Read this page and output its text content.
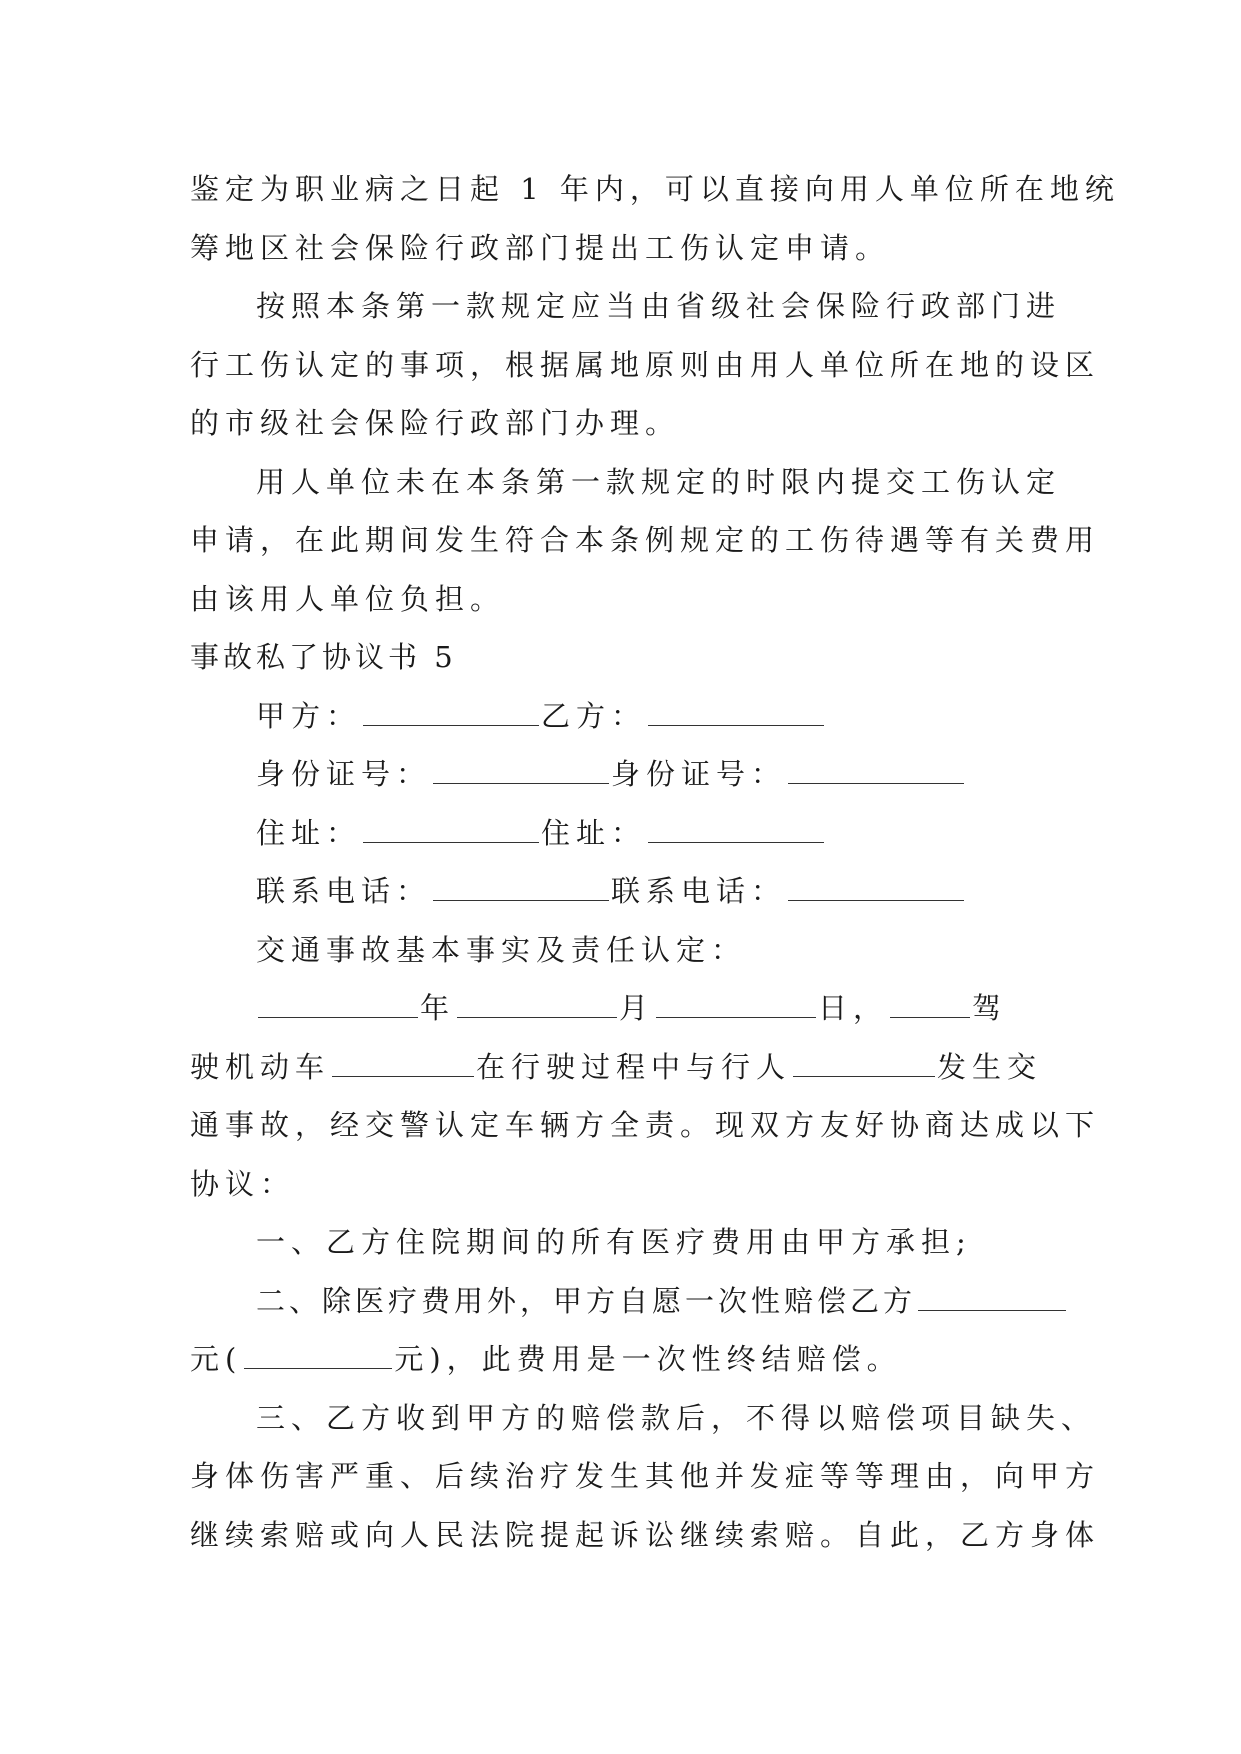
鉴定为职业病之日起 1 年内，可以直接向用人单位所在地统
筹地区社会保险行政部门提出工伤认定申请。
按照本条第一款规定应当由省级社会保险行政部门进
行工伤认定的事项，根据属地原则由用人单位所在地的设区
的市级社会保险行政部门办理。
用人单位未在本条第一款规定的时限内提交工伤认定
申请，在此期间发生符合本条例规定的工伤待遇等有关费用
由该用人单位负担。
事故私了协议书 5
甲方：	乙方：
身份证号：	身份证号：
住址：	住址：
联系电话：	联系电话：
交通事故基本事实及责任认定：
年	月	日，	驾
驶机动车	在行驶过程中与行人	发生交
通事故，经交警认定车辆方全责。现双方友好协商达成以下
协议：
一、乙方住院期间的所有医疗费用由甲方承担;
二、除医疗费用外，甲方自愿一次性赔偿乙方
元(	元)，此费用是一次性终结赔偿。
三、乙方收到甲方的赔偿款后，不得以赔偿项目缺失、
身体伤害严重、后续治疗发生其他并发症等等理由，向甲方
继续索赔或向人民法院提起诉讼继续索赔。自此，乙方身体
